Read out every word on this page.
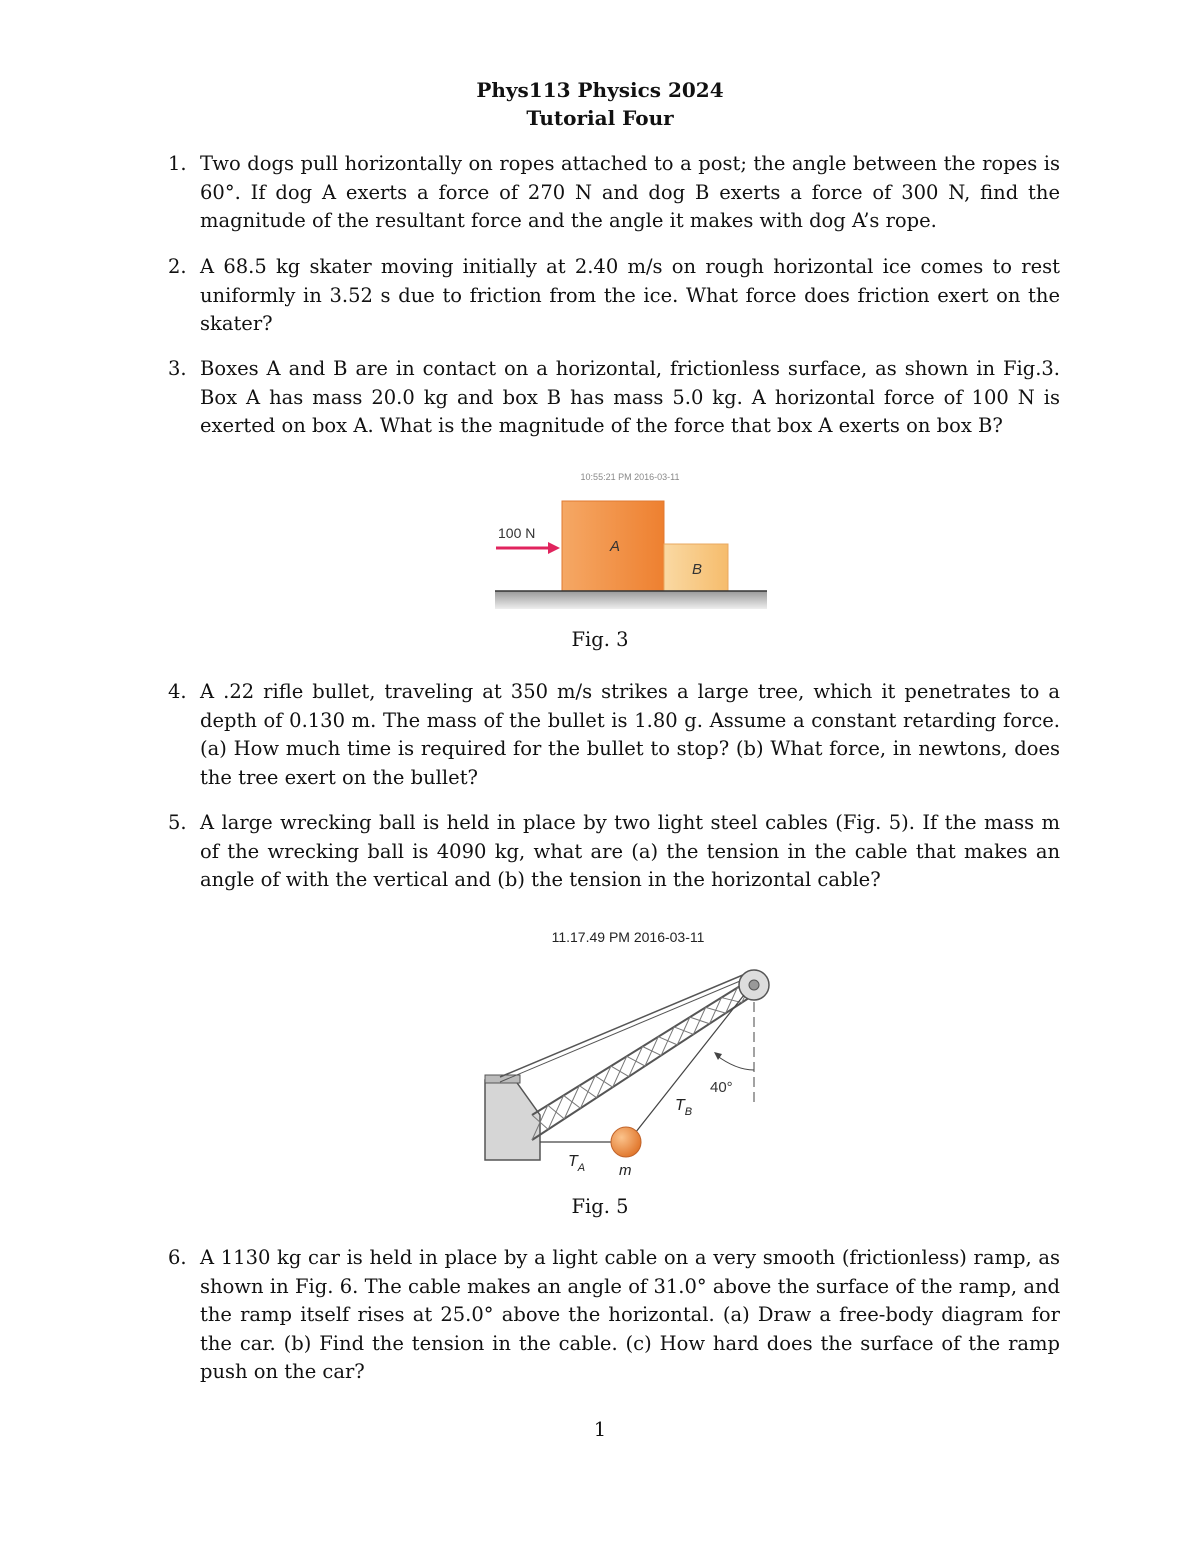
Phys113 Physics 2024
Tutorial Four
1. Two dogs pull horizontally on ropes attached to a post; the angle between the ropes is 60°. If dog A exerts a force of 270 N and dog B exerts a force of 300 N, find the magnitude of the resultant force and the angle it makes with dog A’s rope.
2. A 68.5 kg skater moving initially at 2.40 m/s on rough horizontal ice comes to rest uniformly in 3.52 s due to friction from the ice. What force does friction exert on the skater?
3. Boxes A and B are in contact on a horizontal, frictionless surface, as shown in Fig.3. Box A has mass 20.0 kg and box B has mass 5.0 kg. A horizontal force of 100 N is exerted on box A. What is the magnitude of the force that box A exerts on box B?
10:55:21 PM 2016-03-11
100 N
A
B
Fig. 3
4. A .22 rifle bullet, traveling at 350 m/s strikes a large tree, which it penetrates to a depth of 0.130 m. The mass of the bullet is 1.80 g. Assume a constant retarding force. (a) How much time is required for the bullet to stop? (b) What force, in newtons, does the tree exert on the bullet?
5. A large wrecking ball is held in place by two light steel cables (Fig. 5). If the mass m of the wrecking ball is 4090 kg, what are (a) the tension in the cable that makes an angle of with the vertical and (b) the tension in the horizontal cable?
11.17.49 PM 2016-03-11
40°
$T_B$
$T_A$ m
Fig. 5
6. A 1130 kg car is held in place by a light cable on a very smooth (frictionless) ramp, as shown in Fig. 6. The cable makes an angle of 31.0° above the surface of the ramp, and the ramp itself rises at 25.0° above the horizontal. (a) Draw a free-body diagram for the car. (b) Find the tension in the cable. (c) How hard does the surface of the ramp push on the car?
1
